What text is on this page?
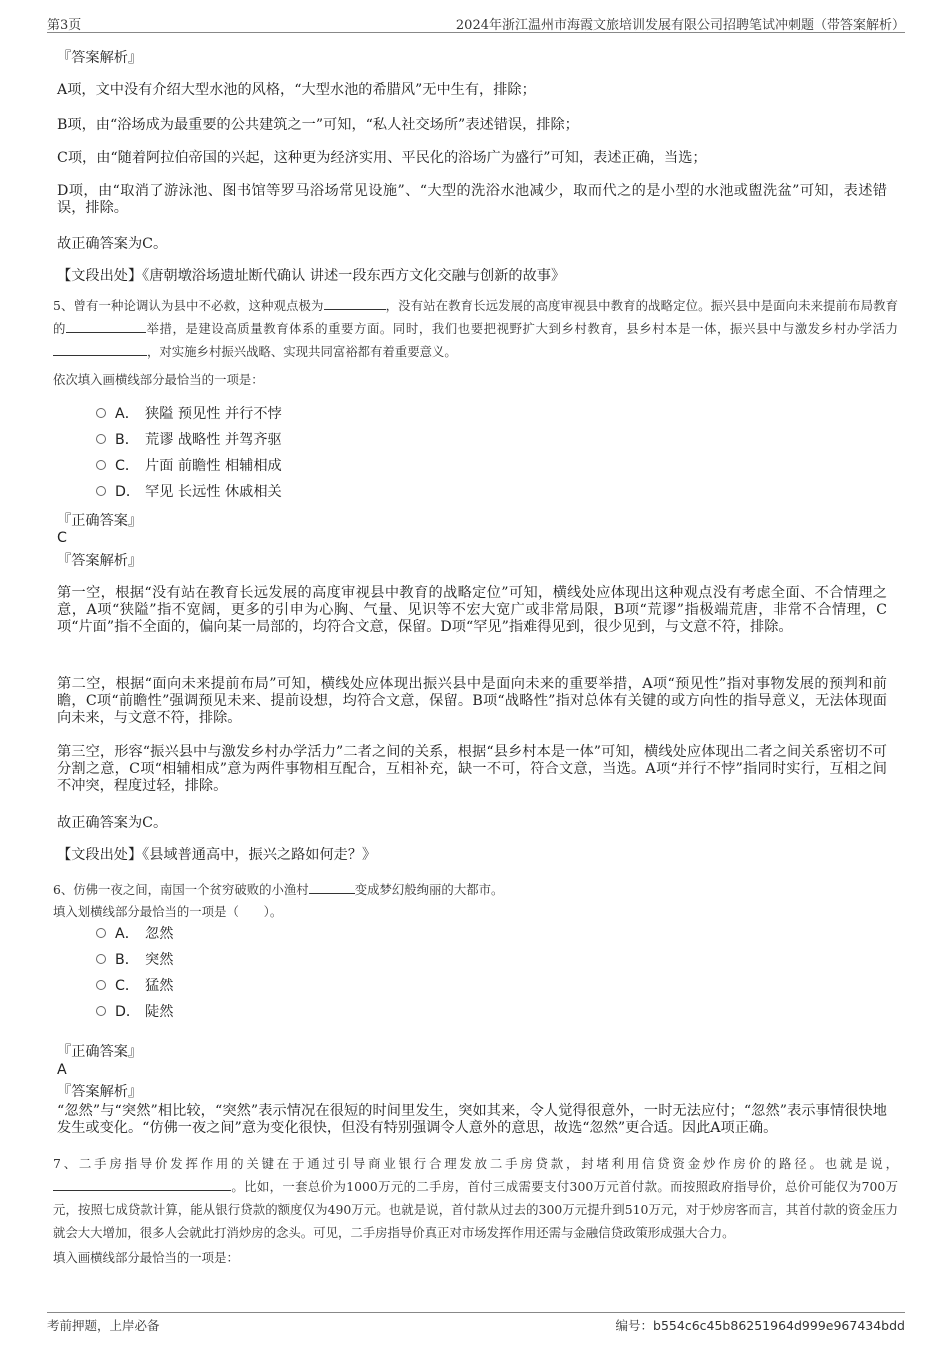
第3页	2024年浙江温州市海霞文旅培训发展有限公司招聘笔试冲刺题（带答案解析）
『答案解析』
A项，文中没有介绍大型水池的风格，“大型水池的希腊风”无中生有，排除；
B项，由“浴场成为最重要的公共建筑之一”可知，“私人社交场所”表述错误，排除；
C项，由“随着阿拉伯帝国的兴起，这种更为经济实用、平民化的浴场广为盛行”可知，表述正确，当选；
D项，由“取消了游泳池、图书馆等罗马浴场常见设施”、“大型的洗浴水池减少，取而代之的是小型的水池或盥洗盆”可知，表述错误，排除。
故正确答案为C。
【文段出处】《唐朝墩浴场遗址断代确认 讲述一段东西方文化交融与创新的故事》
5、曾有一种论调认为县中不必救，这种观点极为	，没有站在教育长远发展的高度审视县中教育的战略定位。振兴县中是面向未来提前布局教育的	举措，是建设高质量教育体系的重要方面。同时，我们也要把视野扩大到乡村教育，县乡村本是一体，振兴县中与激发乡村办学活力，对实施乡村振兴战略、实现共同富裕都有着重要意义。
依次填入画横线部分最恰当的一项是：
A． 狭隘 预见性 并行不悖
B． 荒谬 战略性 并驾齐驱
C． 片面 前瞻性 相辅相成
D． 罕见 长远性 休戚相关
『正确答案』
C
『答案解析』
第一空，根据“没有站在教育长远发展的高度审视县中教育的战略定位”可知，横线处应体现出这种观点没有考虑全面、不合情理之意，A项“狭隘”指不宽阔，更多的引申为心胸、气量、见识等不宏大宽广或非常局限，B项“荒谬”指极端荒唐，非常不合情理，C项“片面”指不全面的，偏向某一局部的，均符合文意，保留。D项“罕见”指难得见到，很少见到，与文意不符，排除。
第二空，根据“面向未来提前布局”可知，横线处应体现出振兴县中是面向未来的重要举措，A项“预见性”指对事物发展的预判和前瞻，C项“前瞻性”强调预见未来、提前设想，均符合文意，保留。B项“战略性”指对总体有关键的或方向性的指导意义，无法体现面向未来，与文意不符，排除。
第三空，形容“振兴县中与激发乡村办学活力”二者之间的关系，根据“县乡村本是一体”可知，横线处应体现出二者之间关系密切不可分割之意，C项“相辅相成”意为两件事物相互配合，互相补充，缺一不可，符合文意，当选。A项“并行不悖”指同时实行，互相之间不冲突，程度过轻，排除。
故正确答案为C。
【文段出处】《县域普通高中，振兴之路如何走？》
6、仿佛一夜之间，南国一个贫穷破败的小渔村	变成梦幻般绚丽的大都市。
填入划横线部分最恰当的一项是（　　）。
A． 忽然
B． 突然
C． 猛然
D． 陡然
『正确答案』
A
『答案解析』
“忽然”与“突然”相比较，“突然”表示情况在很短的时间里发生，突如其来，令人觉得很意外，一时无法应付；“忽然”表示事情很快地发生或变化。“仿佛一夜之间”意为变化很快，但没有特别强调令人意外的意思，故选“忽然”更合适。因此A项正确。
7、二手房指导价发挥作用的关键在于通过引导商业银行合理发放二手房贷款，封堵利用信贷资金炒作房价的路径。也就是说，。比如，一套总价为1000万元的二手房，首付三成需要支付300万元首付款。而按照政府指导价，总价可能仅为700万元，按照七成贷款计算，能从银行贷款的额度仅为490万元。也就是说，首付款从过去的300万元提升到510万元，对于炒房客而言，其首付款的资金压力就会大大增加，很多人会就此打消炒房的念头。可见，二手房指导价真正对市场发挥作用还需与金融信贷政策形成强大合力。
填入画横线部分最恰当的一项是：
考前押题，上岸必备	编号：b554c6c45b86251964d999e967434bdd
